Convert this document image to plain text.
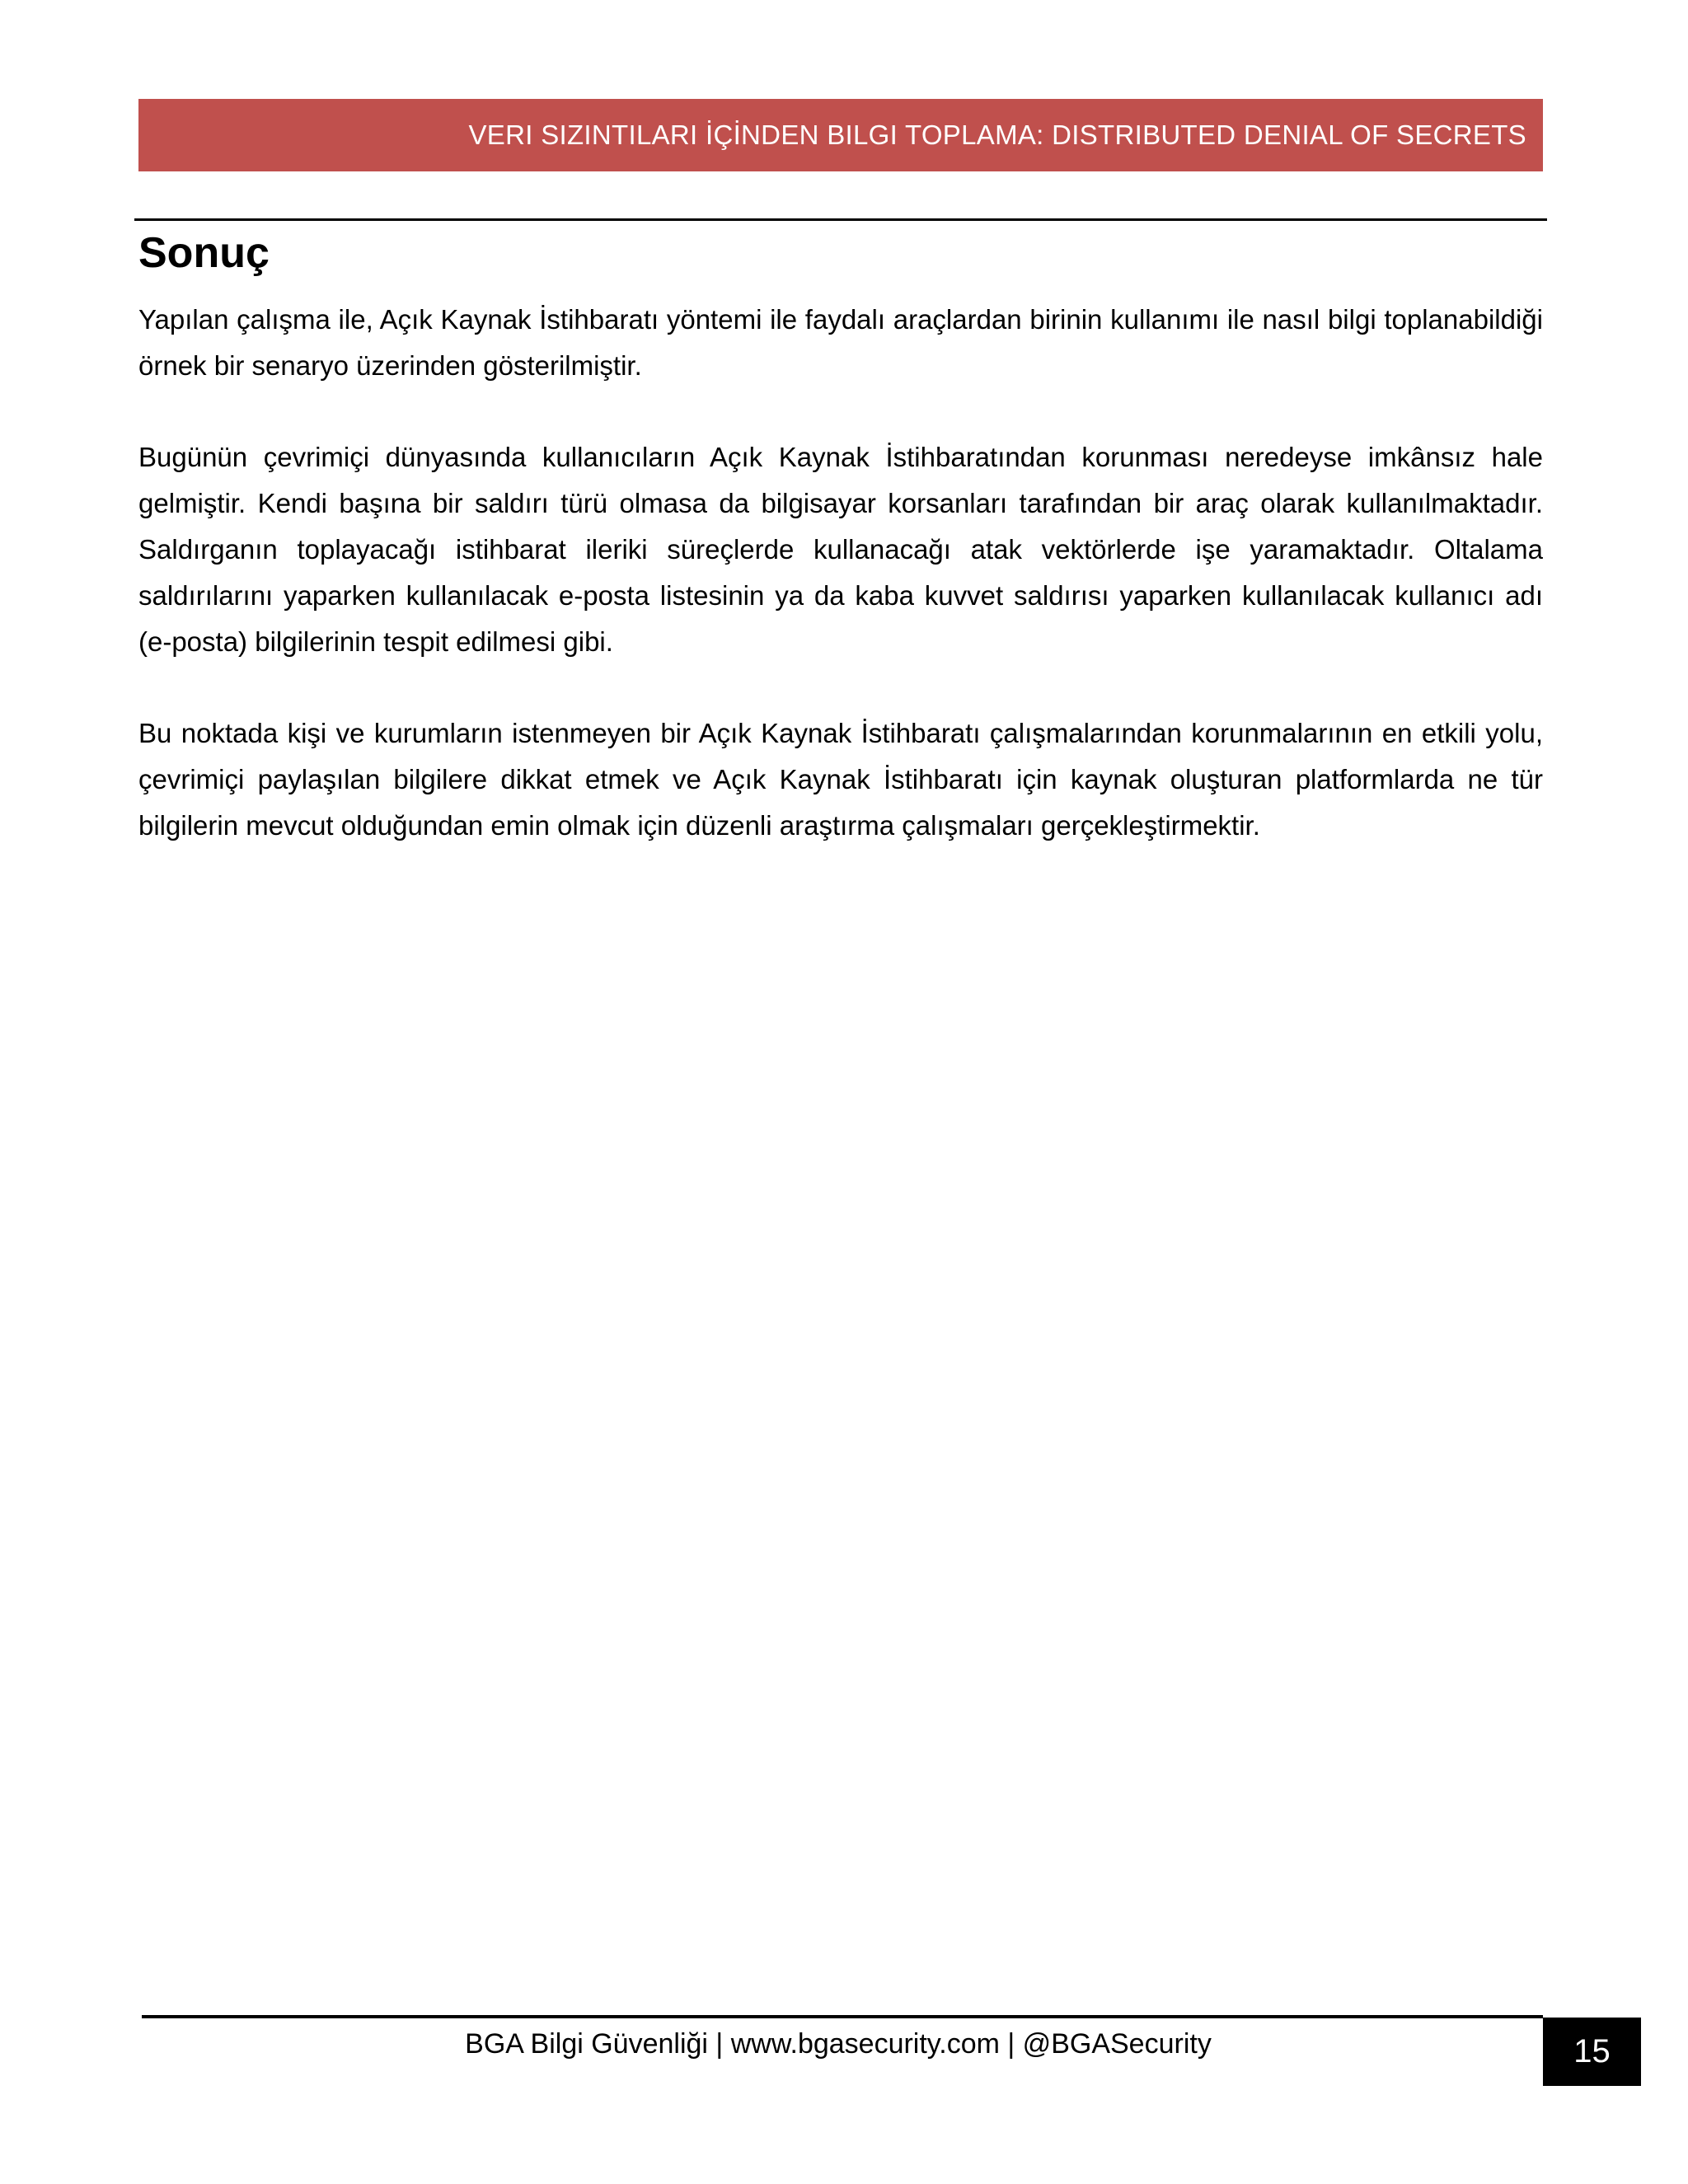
VERI SIZINTILARI İÇİNDEN BILGI TOPLAMA: DISTRIBUTED DENIAL OF SECRETS
Sonuç

Yapılan çalışma ile, Açık Kaynak İstihbaratı yöntemi ile faydalı araçlardan birinin kullanımı ile nasıl bilgi toplanabildiği örnek bir senaryo üzerinden gösterilmiştir.

Bugünün çevrimiçi dünyasında kullanıcıların Açık Kaynak İstihbaratından korunması neredeyse imkânsız hale gelmiştir. Kendi başına bir saldırı türü olmasa da bilgisayar korsanları tarafından bir araç olarak kullanılmaktadır. Saldırganın toplayacağı istihbarat ileriki süreçlerde kullanacağı atak vektörlerde işe yaramaktadır. Oltalama saldırılarını yaparken kullanılacak e-posta listesinin ya da kaba kuvvet saldırısı yaparken kullanılacak kullanıcı adı (e-posta) bilgilerinin tespit edilmesi gibi.

Bu noktada kişi ve kurumların istenmeyen bir Açık Kaynak İstihbaratı çalışmalarından korunmalarının en etkili yolu, çevrimiçi paylaşılan bilgilere dikkat etmek ve Açık Kaynak İstihbaratı için kaynak oluşturan platformlarda ne tür bilgilerin mevcut olduğundan emin olmak için düzenli araştırma çalışmaları gerçekleştirmektir.

BGA Bilgi Güvenliği | www.bgasecurity.com | @BGASecurity	15
